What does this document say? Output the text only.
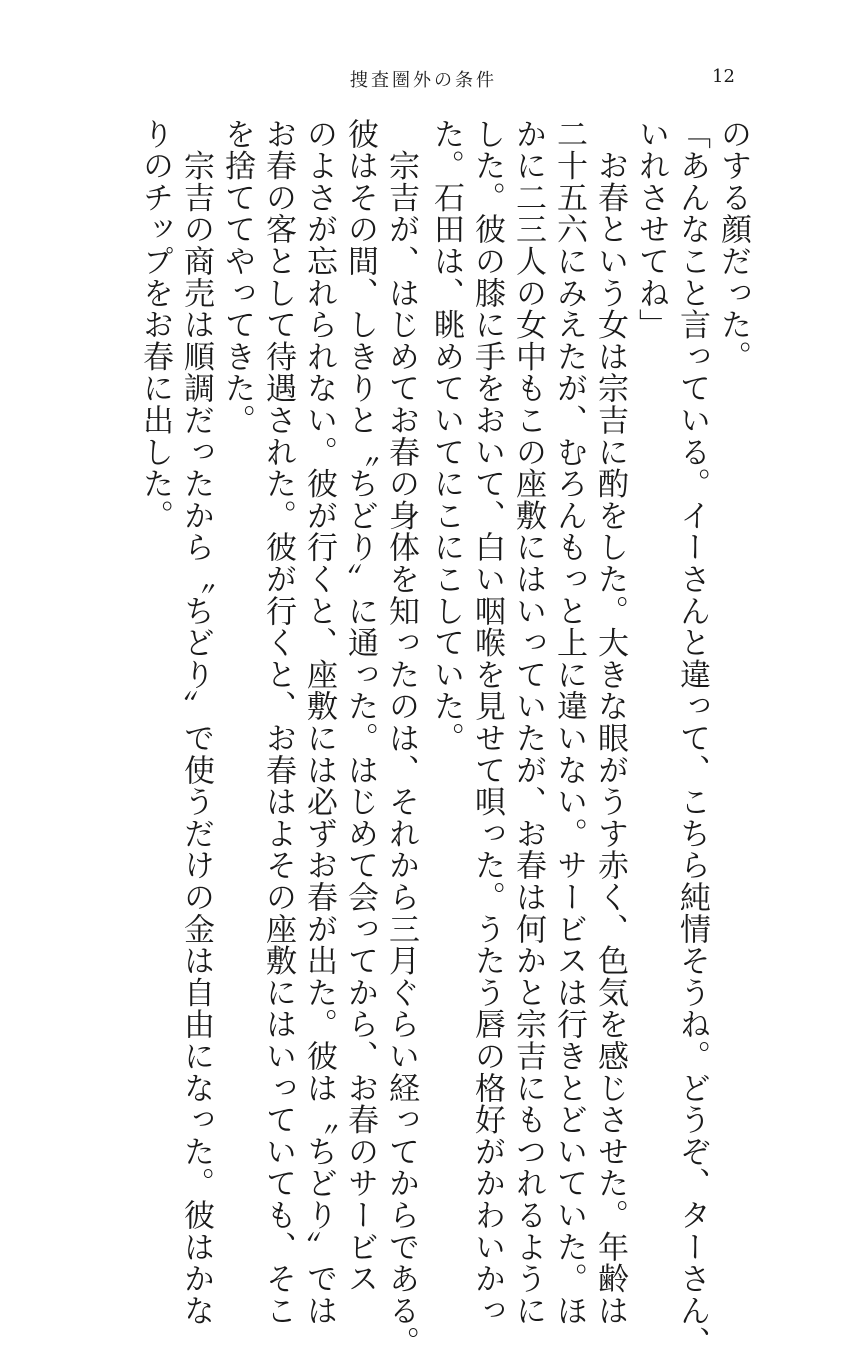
捜査圏外の条件	12

のする顔だった。

「あんなこと言っている。イーさんと違って、こちら純情そうね。どうぞ、ターさん、

いれさせてね」

　お春という女は宗吉に酌をした。大きな眼がうす赤く、色気を感じさせた。年齢は

二十五六にみえたが、むろんもっと上に違いない。サービスは行きとどいていた。ほ

かに二三人の女中もこの座敷にはいっていたが、お春は何かと宗吉にもつれるように

した。彼の膝に手をおいて、白い咽喉を見せて唄った。うたう唇の格好がかわいかっ

た。石田は、眺めていてにこにこしていた。

　宗吉が、はじめてお春の身体を知ったのは、それから三月ぐらい経ってからである。

彼はその間、しきりと〝ちどり〟に通った。はじめて会ってから、お春のサービス

のよさが忘れられない。彼が行くと、座敷には必ずお春が出た。彼は〝ちどり〟では

お春の客として待遇された。彼が行くと、お春はよその座敷にはいっていても、そこ

を捨ててやってきた。

　宗吉の商売は順調だったから〝ちどり〟で使うだけの金は自由になった。彼はかな

りのチップをお春に出した。
